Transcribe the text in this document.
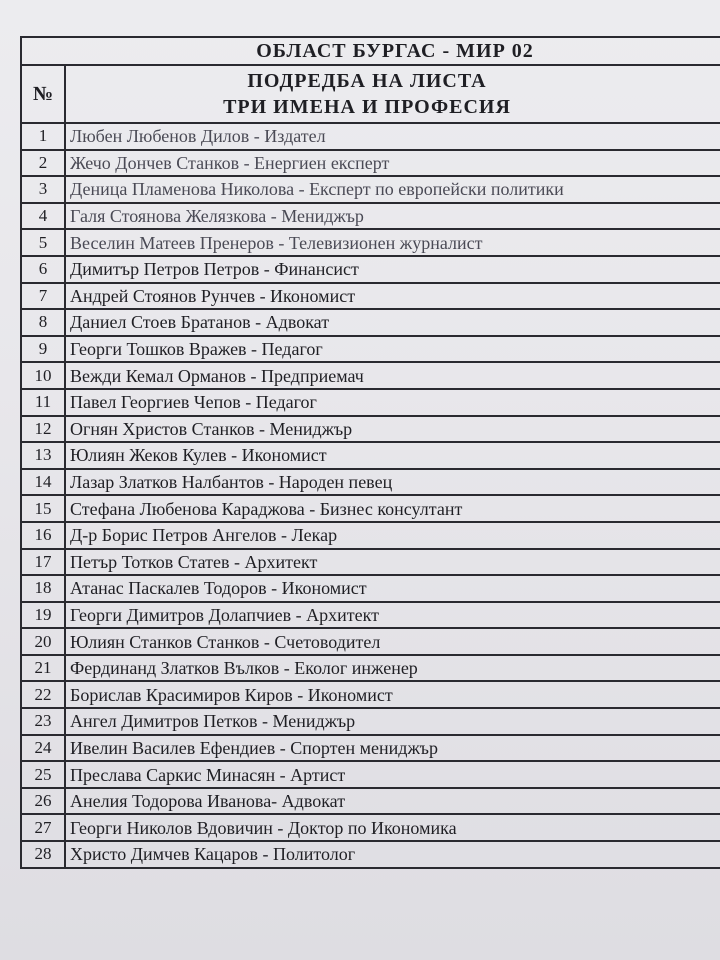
ОБЛАСТ БУРГАС - МИР 02	
№	ПОДРЕДБА НА ЛИСТА
ТРИ ИМЕНА И ПРОФЕСИЯ

1	Любен Любенов Дилов - Издател
2	Жечо Дончев Станков - Енергиен експерт
3	Деница Пламенова Николова - Експерт по европейски политики
4	Галя Стоянова Желязкова - Мениджър
5	Веселин Матеев Пренеров - Телевизионен журналист
6	Димитър Петров Петров - Финансист
7	Андрей Стоянов Рунчев - Икономист
8	Даниел Стоев Братанов - Адвокат
9	Георги Тошков Вражев - Педагог
10	Вежди Кемал Орманов - Предприемач
11	Павел Георгиев Чепов - Педагог
12	Огнян Христов Станков - Мениджър
13	Юлиян Жеков Кулев - Икономист
14	Лазар Златков Налбантов - Народен певец
15	Стефана Любенова Караджова - Бизнес консултант
16	Д-р Борис Петров Ангелов - Лекар
17	Петър Тотков Статев - Архитект
18	Атанас Паскалев Тодоров - Икономист
19	Георги Димитров Долапчиев - Архитект
20	Юлиян Станков Станков - Счетоводител
21	Фердинанд Златков Вълков - Еколог инженер
22	Борислав Красимиров Киров - Икономист
23	Ангел Димитров Петков - Мениджър
24	Ивелин Василев Ефендиев - Спортен мениджър
25	Преслава Саркис Минасян - Артист
26	Анелия Тодорова Иванова- Адвокат
27	Георги Николов Вдовичин - Доктор по Икономика
28	Христо Димчев Кацаров - Политолог
